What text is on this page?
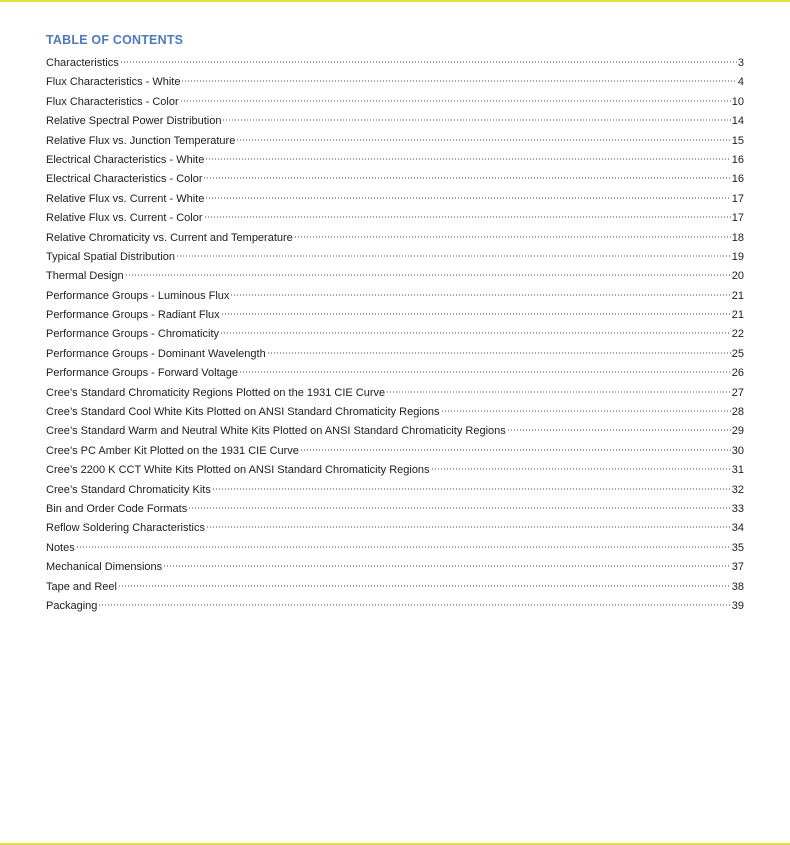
TABLE OF CONTENTS
Characteristics	3
Flux Characteristics - White	4
Flux Characteristics - Color	10
Relative Spectral Power Distribution	14
Relative Flux vs. Junction Temperature	15
Electrical Characteristics - White	16
Electrical Characteristics - Color	16
Relative Flux vs. Current - White	17
Relative Flux vs. Current - Color	17
Relative Chromaticity vs. Current and Temperature	18
Typical Spatial Distribution	19
Thermal Design	20
Performance Groups - Luminous Flux	21
Performance Groups - Radiant Flux	21
Performance Groups - Chromaticity	22
Performance Groups - Dominant Wavelength	25
Performance Groups - Forward Voltage	26
Cree’s Standard Chromaticity Regions Plotted on the 1931 CIE Curve	27
Cree’s Standard Cool White Kits Plotted on ANSI Standard Chromaticity Regions	28
Cree’s Standard Warm and Neutral White Kits Plotted on ANSI Standard Chromaticity Regions	29
Cree’s PC Amber Kit Plotted on the 1931 CIE Curve	30
Cree’s 2200 K CCT White Kits Plotted on ANSI Standard Chromaticity Regions	31
Cree’s Standard Chromaticity Kits	32
Bin and Order Code Formats	33
Reflow Soldering Characteristics	34
Notes	35
Mechanical Dimensions	37
Tape and Reel	38
Packaging	39
